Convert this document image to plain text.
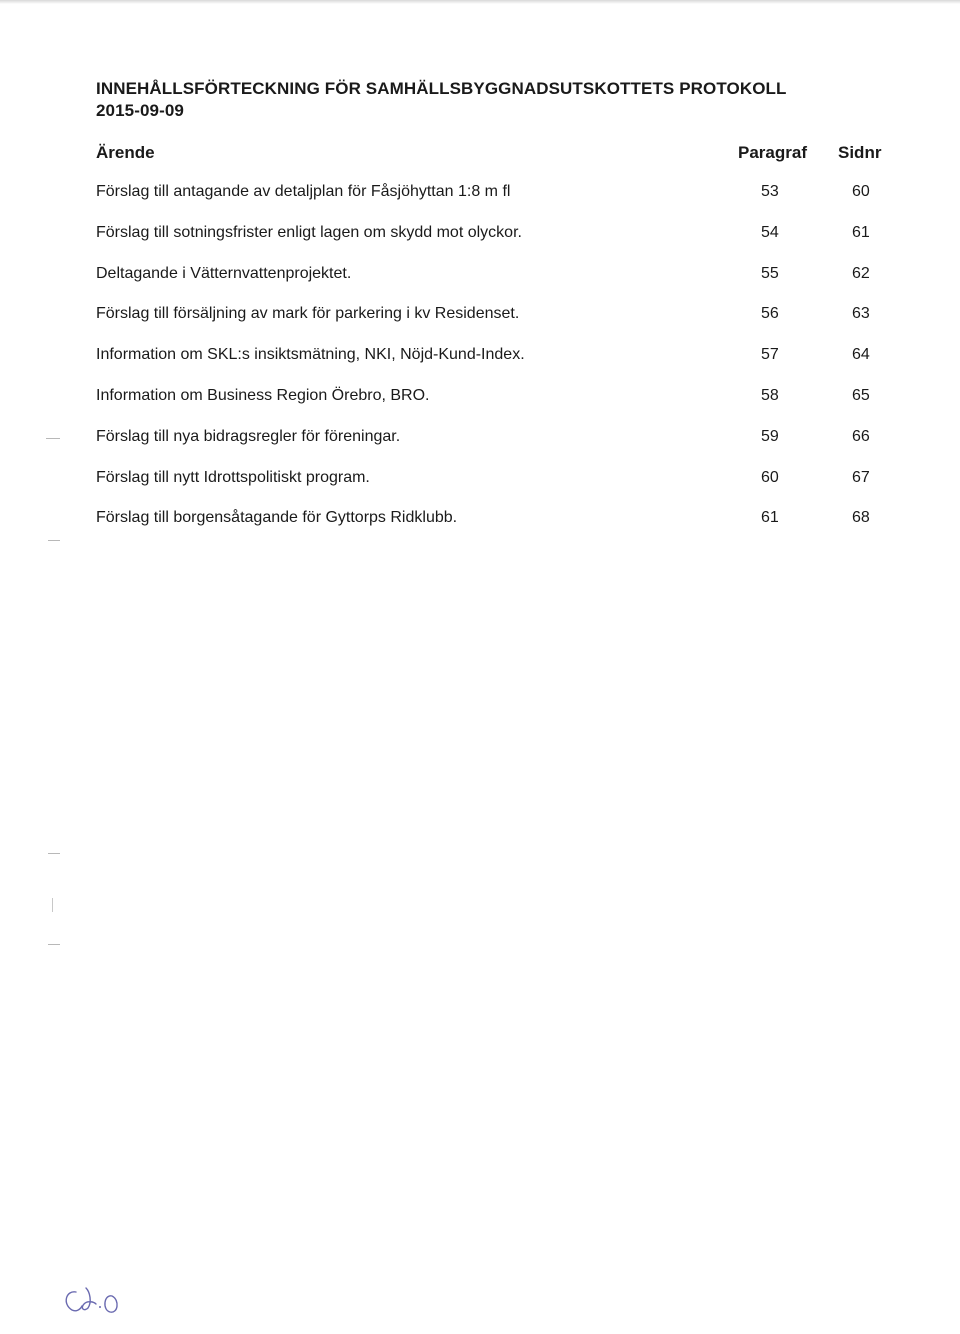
INNEHÅLLSFÖRTECKNING FÖR SAMHÄLLSBYGGNADSUTSKOTTETS PROTOKOLL
2015-09-09
Ärende	Paragraf Sidnr
Förslag till antagande av detaljplan för Fåsjöhyttan 1:8 m fl	53	60
Förslag till sotningsfrister enligt lagen om skydd mot olyckor.	54	61
Deltagande i Vätternvattenprojektet.	55	62
Förslag till försäljning av mark för parkering i kv Residenset.	56	63
Information om SKL:s insiktsmätning, NKI, Nöjd-Kund-Index.	57	64
Information om Business Region Örebro, BRO.	58	65
Förslag till nya bidragsregler för föreningar.	59	66
Förslag till nytt Idrottspolitiskt program.	60	67
Förslag till borgensåtagande för Gyttorps Ridklubb.	61	68
